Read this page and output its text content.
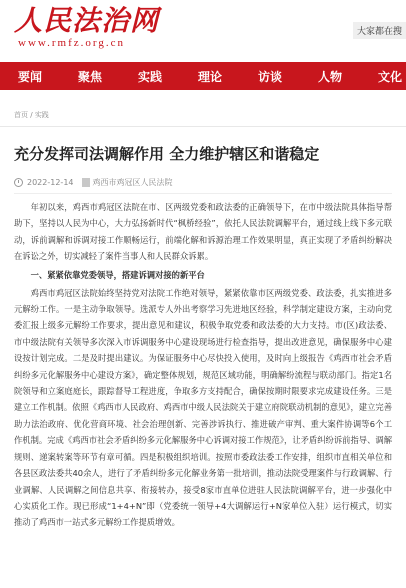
人民法治网
www.rmfz.org.cn
大家都在搜
要闻	聚焦	实践	理论	访谈	人物	文化
首页 / 实践
充分发挥司法调解作用 全力维护辖区和谐稳定
2022-12-14 鸡西市鸡冠区人民法院

年初以来，鸡西市鸡冠区法院在市、区两级党委和政法委的正确领导下，在市中级法院具体指导帮助下，坚持以人民为中心，大力弘扬新时代“枫桥经验”，依托人民法院调解平台，通过线上线下多元联动，诉前调解和诉调对接工作顺畅运行，前端化解和诉源治理工作效果明显，真正实现了矛盾纠纷解决在诉讼之外，切实减轻了案件当事人和人民群众诉累。

一、紧紧依靠党委领导，搭建诉调对接的新平台

鸡西市鸡冠区法院始终坚持党对法院工作绝对领导，紧紧依靠市区两级党委、政法委，扎实推进多元解纷工作。一是主动争取领导。选派专人外出考察学习先进地区经验，科学制定建设方案，主动向党委汇报上级多元解纷工作要求，提出意见和建议，积极争取党委和政法委的大力支持。市(区)政法委、市中级法院有关领导多次深入市诉调服务中心建设现场进行检查指导，提出改进意见，确保服务中心建设按计划完成。二是及时提出建议。为保证服务中心尽快投入使用，及时向上级报告《鸡西市社会矛盾纠纷多元化解服务中心建设方案》，确定整体规划，规范区域功能，明确解纷流程与联动部门。指定1名院领导和立案庭庭长，跟踪督导工程进度，争取多方支持配合，确保按期时限要求完成建设任务。三是建立工作机制。依照《鸡西市人民政府、鸡西市中级人民法院关于建立府院联动机制的意见》，建立完善助力法治政府、优化营商环境、社会治理创新、完善涉诉执行、推进破产审判、重大案件协调等6个工作机制。完成《鸡西市社会矛盾纠纷多元化解服务中心诉调对接工作规范》，让矛盾纠纷诉前指导、调解规则、递案转案等环节有章可循。四是积极组织培训。按照市委政法委工作安排，组织市直相关单位和各县区政法委共40余人，进行了矛盾纠纷多元化解业务第一批培训，推动法院受理案件与行政调解、行业调解、人民调解之间信息共享、衔接转办，接受8家市直单位进驻人民法院调解平台，进一步强化中心实质化工作。现已形成“1+4+N”即（党委统一领导+4大调解运行+N家单位入驻）运行模式，切实推动了鸡西市一站式多元解纷工作提质增效。
